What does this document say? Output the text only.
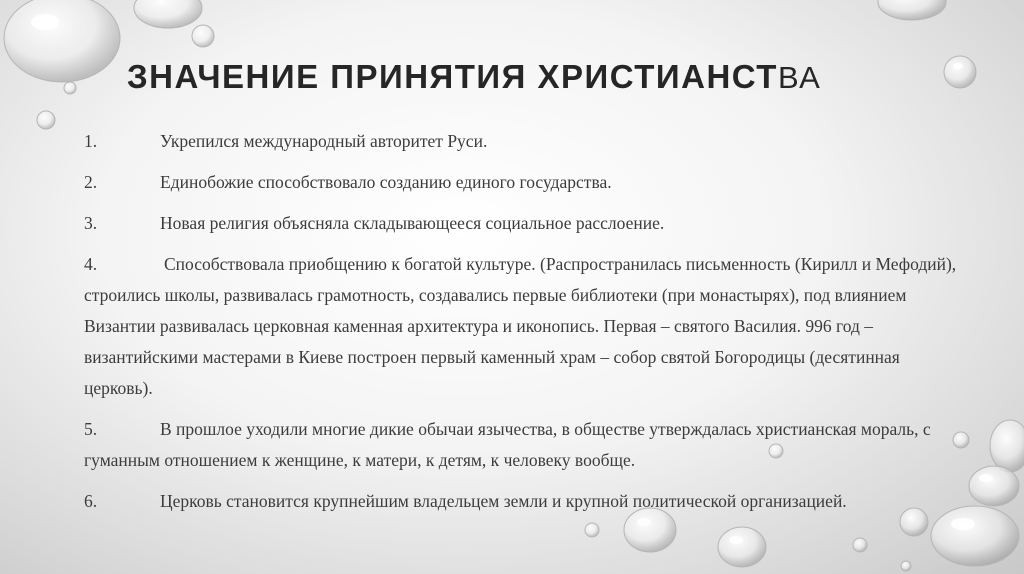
ЗНАЧЕНИЕ ПРИНЯТИЯ ХРИСТИАНСТВА
1.	Укрепился международный авторитет Руси.
2.	Единобожие способствовало созданию единого государства.
3.	Новая религия объясняла складывающееся социальное расслоение.
4.	Способствовала приобщению к богатой культуре. (Распространилась письменность (Кирилл и Мефодий), строились школы, развивалась грамотность, создавались первые библиотеки (при монастырях), под влиянием Византии развивалась церковная каменная архитектура и иконопись. Первая – святого Василия. 996 год – византийскими мастерами в Киеве построен первый каменный храм – собор святой Богородицы (десятинная церковь).
5.	В прошлое уходили многие дикие обычаи язычества, в обществе утверждалась христианская мораль, с гуманным отношением к женщине, к матери, к детям, к человеку вообще.
6.	Церковь становится крупнейшим владельцем земли и крупной политической организацией.
